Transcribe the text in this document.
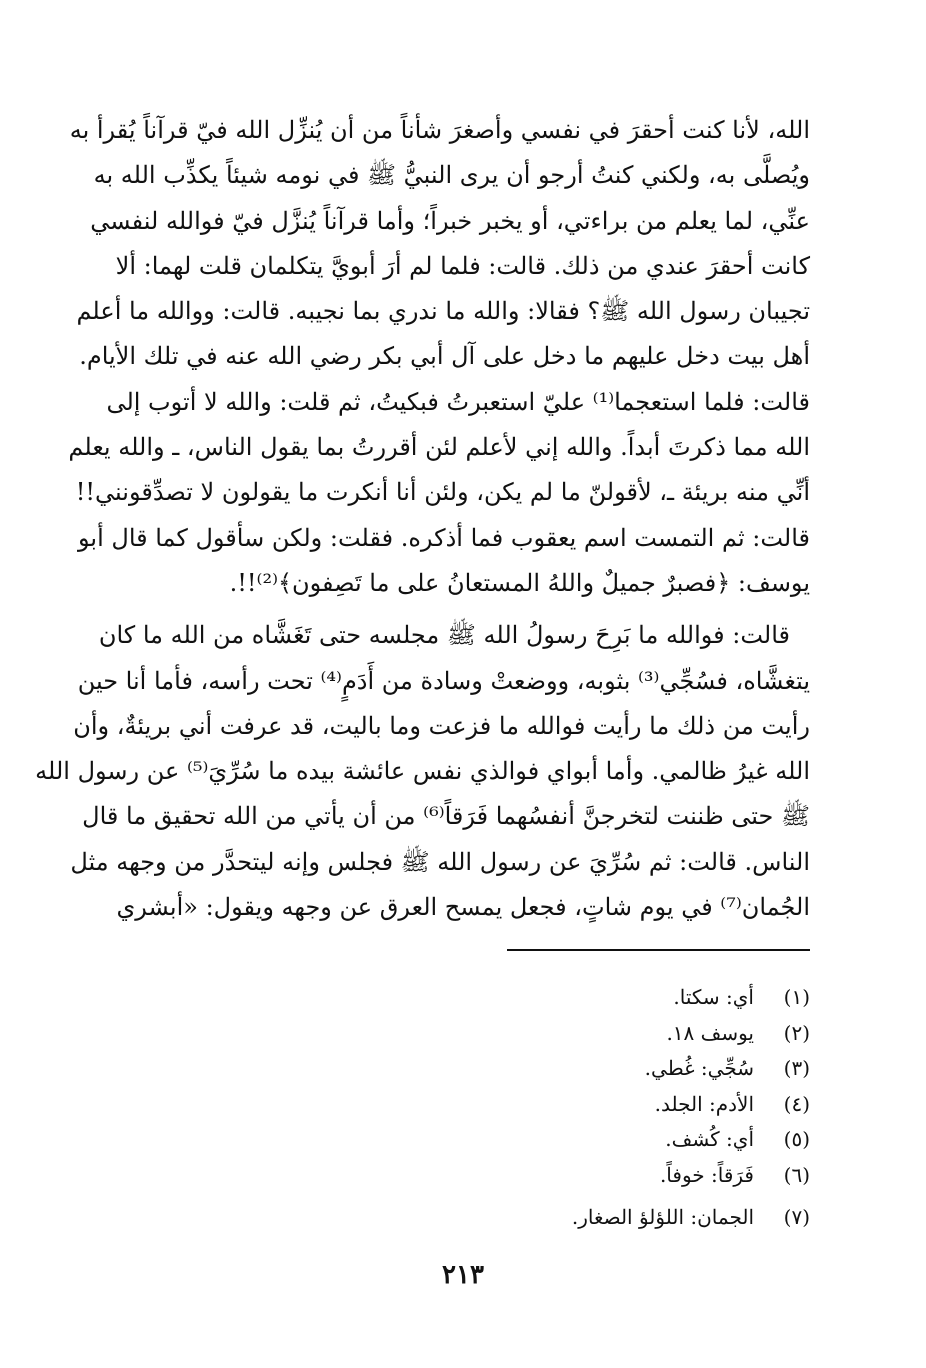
الله، لأنا كنت أحقرَ في نفسي وأصغرَ شأناً من أن يُنزِّل الله فيّ قرآناً يُقرأ به
ويُصلَّى به، ولكني كنتُ أرجو أن يرى النبيُّ ﷺ في نومه شيئاً يكذِّب الله به
عنِّي، لما يعلم من براءتي، أو يخبر خبراً؛ وأما قرآناً يُنزَّل فيّ فوالله لنفسي
كانت أحقرَ عندي من ذلك. قالت: فلما لم أرَ أبويَّ يتكلمان قلت لهما: ألا
تجيبان رسول الله ﷺ؟ فقالا: والله ما ندري بما نجيبه. قالت: ووالله ما أعلم
أهل بيت دخل عليهم ما دخل على آل أبي بكر رضي الله عنه في تلك الأيام.
قالت: فلما استعجما⁽¹⁾ عليّ استعبرتُ فبكيتُ، ثم قلت: والله لا أتوب إلى
الله مما ذكرتَ أبداً. والله إني لأعلم لئن أقررتُ بما يقول الناس، ـ والله يعلم
أنِّي منه بريئة ـ، لأقولنّ ما لم يكن، ولئن أنا أنكرت ما يقولون لا تصدِّقونني!!
قالت: ثم التمست اسم يعقوب فما أذكره. فقلت: ولكن سأقول كما قال أبو
يوسف: ﴿فصبرٌ جميلٌ واللهُ المستعانُ على ما تَصِفون﴾⁽²⁾!!.
قالت: فوالله ما بَرِحَ رسولُ الله ﷺ مجلسه حتى تَغَشَّاه من الله ما كان
يتغشَّاه، فسُجِّي⁽³⁾ بثوبه، ووضعتْ وسادة من أَدَمٍ⁽⁴⁾ تحت رأسه، فأما أنا حين
رأيت من ذلك ما رأيت فوالله ما فزعت وما باليت، قد عرفت أني بريئةٌ، وأن
الله غيرُ ظالمي. وأما أبواي فوالذي نفس عائشة بيده ما سُرِّيَ⁽⁵⁾ عن رسول الله
ﷺ حتى ظننت لتخرجنَّ أنفسُهما فَرَقاً⁽⁶⁾ من أن يأتي من الله تحقيق ما قال
الناس. قالت: ثم سُرِّيَ عن رسول الله ﷺ فجلس وإنه ليتحدَّر من وجهه مثل
الجُمان⁽⁷⁾ في يوم شاتٍ، فجعل يمسح العرق عن وجهه ويقول: «أبشري
(١)أي: سكتا.
(٢)يوسف ١٨.
(٣)سُجِّي: غُطي.
(٤)الأدم: الجلد.
(٥)أي: كُشف.
(٦)فَرَقاً: خوفاً.
(٧)الجمان: اللؤلؤ الصغار.
٢١٣
